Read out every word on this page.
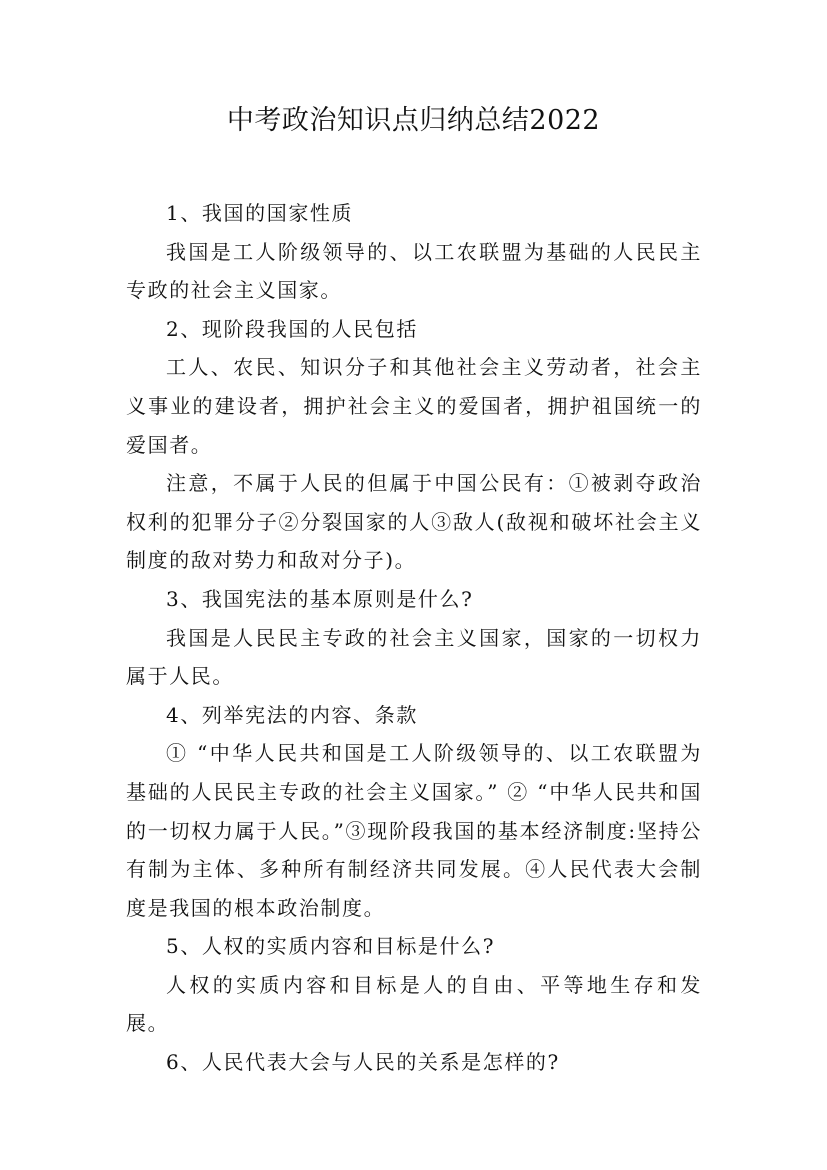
中考政治知识点归纳总结2022

1、我国的国家性质

我国是工人阶级领导的、以工农联盟为基础的人民民主专政的社会主义国家。

2、现阶段我国的人民包括

工人、农民、知识分子和其他社会主义劳动者，社会主义事业的建设者，拥护社会主义的爱国者，拥护祖国统一的爱国者。

注意，不属于人民的但属于中国公民有：①被剥夺政治权利的犯罪分子②分裂国家的人③敌人(敌视和破坏社会主义制度的敌对势力和敌对分子)。

3、我国宪法的基本原则是什么?

我国是人民民主专政的社会主义国家，国家的一切权力属于人民。

4、列举宪法的内容、条款

① “中华人民共和国是工人阶级领导的、以工农联盟为基础的人民民主专政的社会主义国家。” ② “中华人民共和国的一切权力属于人民。”③现阶段我国的基本经济制度:坚持公有制为主体、多种所有制经济共同发展。④人民代表大会制度是我国的根本政治制度。

5、人权的实质内容和目标是什么?

人权的实质内容和目标是人的自由、平等地生存和发展。

6、人民代表大会与人民的关系是怎样的?
